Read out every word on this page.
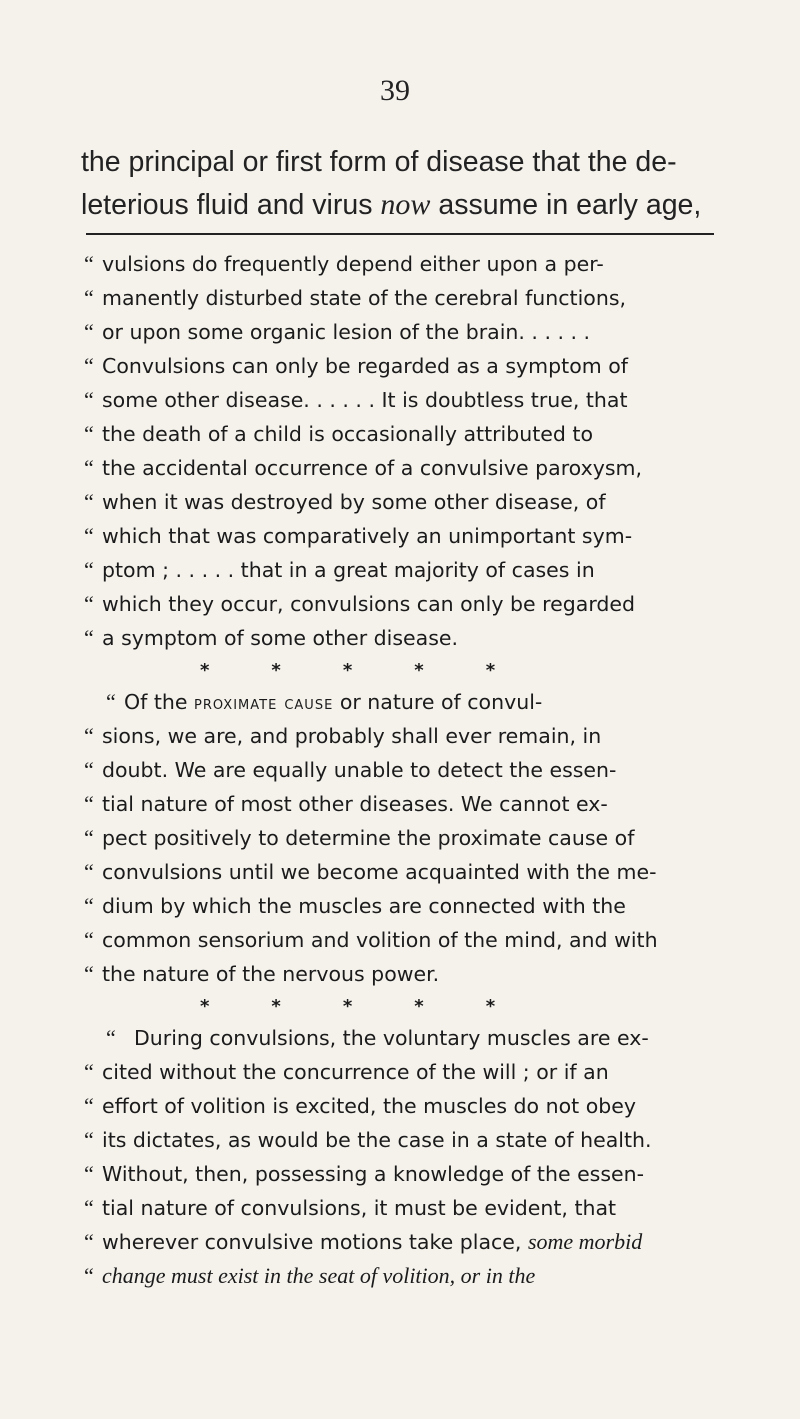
39
the principal or first form of disease that the de-
leterious fluid and virus now assume in early age,
“ vulsions do frequently depend either upon a per-
“ manently disturbed state of the cerebral functions,
“ or upon some organic lesion of the brain. . . . . .
“ Convulsions can only be regarded as a symptom of
“ some other disease. . . . . . It is doubtless true, that
“ the death of a child is occasionally attributed to
“ the accidental occurrence of a convulsive paroxysm,
“ when it was destroyed by some other disease, of
“ which that was comparatively an unimportant sym-
“ ptom ; . . . . . that in a great majority of cases in
“ which they occur, convulsions can only be regarded
“ a symptom of some other disease.
*	*	*	*	*
“ Of the proximate cause or nature of convul-
“ sions, we are, and probably shall ever remain, in
“ doubt. We are equally unable to detect the essen-
“ tial nature of most other diseases. We cannot ex-
“ pect positively to determine the proximate cause of
“ convulsions until we become acquainted with the me-
“ dium by which the muscles are connected with the
“ common sensorium and volition of the mind, and with
“ the nature of the nervous power.
*	*	*	*	*
“ During convulsions, the voluntary muscles are ex-
“ cited without the concurrence of the will ; or if an
“ effort of volition is excited, the muscles do not obey
“ its dictates, as would be the case in a state of health.
“ Without, then, possessing a knowledge of the essen-
“ tial nature of convulsions, it must be evident, that
“ wherever convulsive motions take place, some morbid
“ change must exist in the seat of volition, or in the
